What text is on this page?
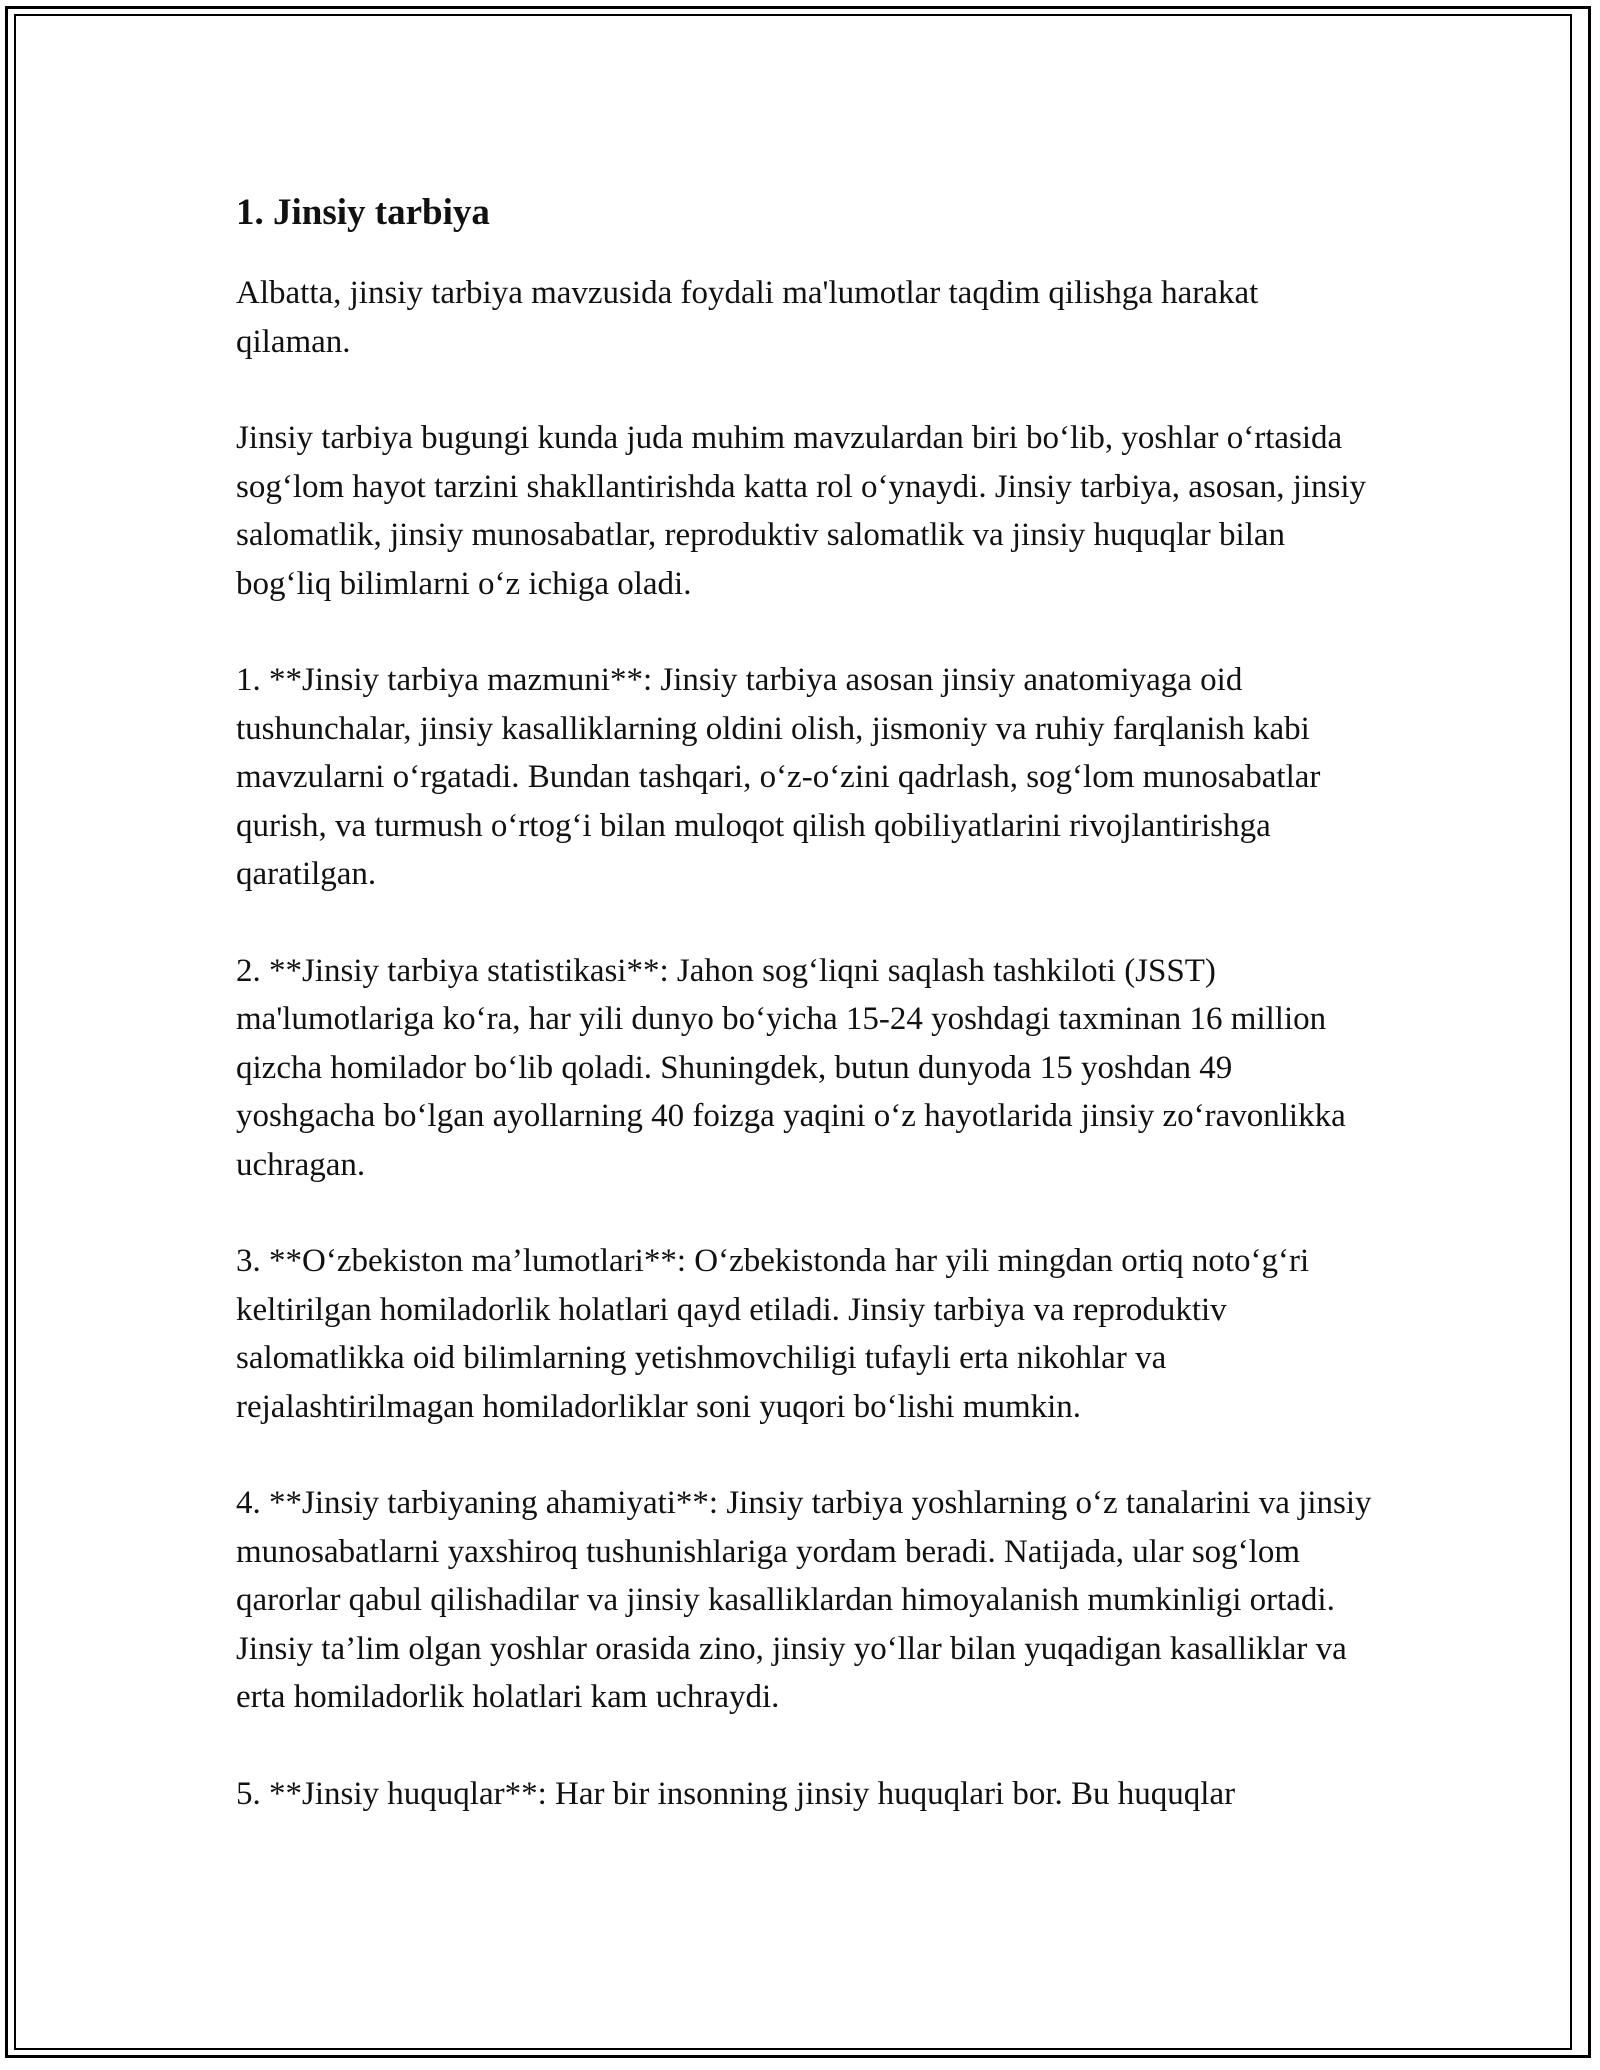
1. Jinsiy tarbiya

Albatta, jinsiy tarbiya mavzusida foydali ma'lumotlar taqdim qilishga harakat qilaman.

Jinsiy tarbiya bugungi kunda juda muhim mavzulardan biri bo‘lib, yoshlar o‘rtasida sog‘lom hayot tarzini shakllantirishda katta rol o‘ynaydi. Jinsiy tarbiya, asosan, jinsiy salomatlik, jinsiy munosabatlar, reproduktiv salomatlik va jinsiy huquqlar bilan bog‘liq bilimlarni o‘z ichiga oladi.

1. **Jinsiy tarbiya mazmuni**: Jinsiy tarbiya asosan jinsiy anatomiyaga oid tushunchalar, jinsiy kasalliklarning oldini olish, jismoniy va ruhiy farqlanish kabi mavzularni o‘rgatadi. Bundan tashqari, o‘z-o‘zini qadrlash, sog‘lom munosabatlar qurish, va turmush o‘rtog‘i bilan muloqot qilish qobiliyatlarini rivojlantirishga qaratilgan.

2. **Jinsiy tarbiya statistikasi**: Jahon sog‘liqni saqlash tashkiloti (JSST) ma'lumotlariga ko‘ra, har yili dunyo bo‘yicha 15-24 yoshdagi taxminan 16 million qizcha homilador bo‘lib qoladi. Shuningdek, butun dunyoda 15 yoshdan 49 yoshgacha bo‘lgan ayollarning 40 foizga yaqini o‘z hayotlarida jinsiy zo‘ravonlikka uchragan.

3. **O‘zbekiston ma’lumotlari**: O‘zbekistonda har yili mingdan ortiq noto‘g‘ri keltirilgan homiladorlik holatlari qayd etiladi. Jinsiy tarbiya va reproduktiv salomatlikka oid bilimlarning yetishmovchiligi tufayli erta nikohlar va rejalashtirilmagan homiladorliklar soni yuqori bo‘lishi mumkin.

4. **Jinsiy tarbiyaning ahamiyati**: Jinsiy tarbiya yoshlarning o‘z tanalarini va jinsiy munosabatlarni yaxshiroq tushunishlariga yordam beradi. Natijada, ular sog‘lom qarorlar qabul qilishadilar va jinsiy kasalliklardan himoyalanish mumkinligi ortadi. Jinsiy ta’lim olgan yoshlar orasida zino, jinsiy yo‘llar bilan yuqadigan kasalliklar va erta homiladorlik holatlari kam uchraydi.

5. **Jinsiy huquqlar**: Har bir insonning jinsiy huquqlari bor. Bu huquqlar
